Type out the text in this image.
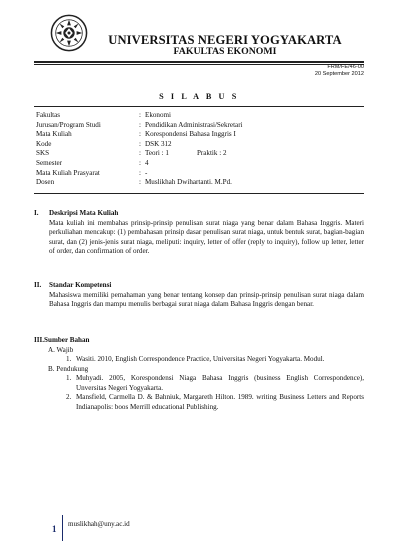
UNIVERSITAS NEGERI YOGYAKARTA
FAKULTAS EKONOMI
FRM/FE/46-00
20 September 2012
S I L A B U S
Fakultas	: Ekonomi
Jurusan/Program Studi	: Pendidikan Administrasi/Sekretari
Mata Kuliah	: Korespondensi Bahasa Inggris I
Kode	: DSK 312
SKS	: Teori : 1	Praktik : 2
Semester	: 4
Mata Kuliah Prasyarat	: -
Dosen	: Muslikhah Dwihartanti. M.Pd.
I.	Deskripsi Mata Kuliah
Mata kuliah ini membahas prinsip-prinsip penulisan surat niaga yang benar dalam Bahasa Inggris. Materi perkuliahan mencakup: (1) pembahasan prinsip dasar penulisan surat niaga, untuk bentuk surat, bagian-bagian surat, dan (2) jenis-jenis surat niaga, meliputi: inquiry, letter of offer (reply to inquiry), follow up letter, letter of order, dan confirmation of order.
II.	Standar Kompetensi
Mahasiswa memiliki pemahaman yang benar tentang konsep dan prinsip-prinsip penulisan surat niaga dalam Bahasa Inggris dan mampu menulis berbagai surat niaga dalam Bahasa Inggris dengan benar.
III.Sumber Bahan
A. Wajib
1. Wasiti. 2010, English Correspondence Practice, Universitas Negeri Yogyakarta. Modul.
B. Pendukung
1. Muhyadi. 2005, Korespondensi Niaga Bahasa Inggris (business English Correspondence), Unversitas Negeri Yogyakarta.
2. Mansfield, Carmella D. & Bahniuk, Margareth Hilton. 1989. writing Business Letters and Reports Indianapolis: boos Merrill educational Publishing.
1 muslikhah@uny.ac.id
